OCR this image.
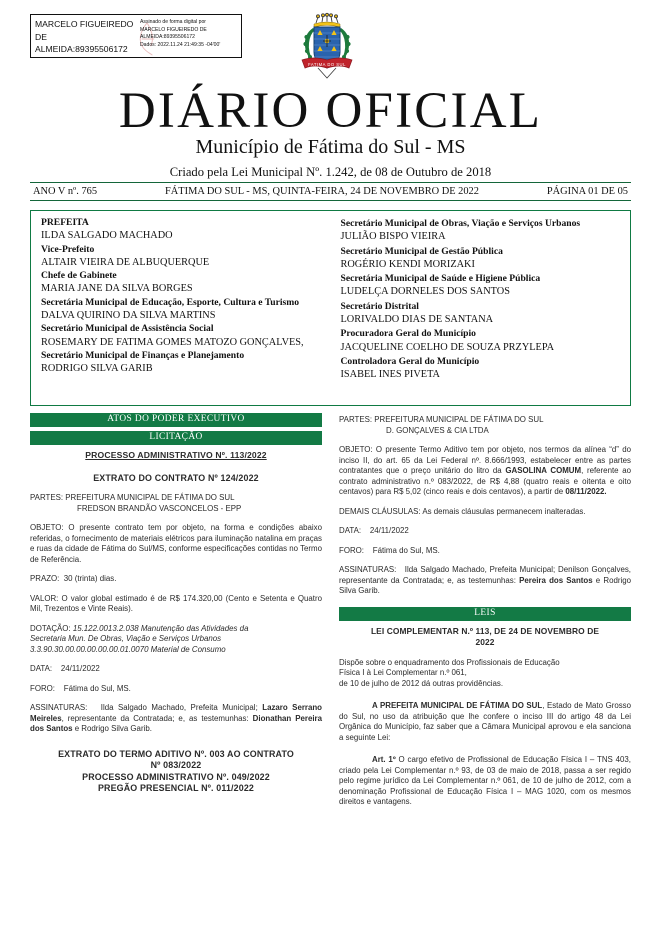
MARCELO FIGUEIREDO
DE
ALMEIDA:89395506172
Assinado de forma digital por
MARCELO FIGUEIREDO DE
ALMEIDA:89395506172
Dados: 2022.11.24 21:49:35 -04'00'
FATIMA DO SUL
DIÁRIO OFICIAL
Município de Fátima do Sul - MS
Criado pela Lei Municipal Nº. 1.242, de 08 de Outubro de 2018
ANO V nº. 765	FÁTIMA DO SUL - MS, QUINTA-FEIRA, 24 DE NOVEMBRO DE 2022	PÁGINA 01 DE 05
PREFEITA
ILDA SALGADO MACHADO
Vice-Prefeito
ALTAIR VIEIRA DE ALBUQUERQUE
Chefe de Gabinete
MARIA JANE DA SILVA BORGES
Secretária Municipal de Educação, Esporte, Cultura e Turismo
DALVA QUIRINO DA SILVA MARTINS
Secretário Municipal de Assistência Social
ROSEMARY DE FATIMA GOMES MATOZO GONÇALVES,
Secretário Municipal de Finanças e Planejamento
RODRIGO SILVA GARIB
Secretário Municipal de Obras, Viação e Serviços Urbanos
JULIÃO BISPO VIEIRA
Secretário Municipal de Gestão Pública
ROGÉRIO KENDI MORIZAKI
Secretária Municipal de Saúde e Higiene Pública
LUDELÇA DORNELES DOS SANTOS
Secretário Distrital
LORIVALDO DIAS DE SANTANA
Procuradora Geral do Município
JACQUELINE COELHO DE SOUZA PRZYLEPA
Controladora Geral do Município
ISABEL INES PIVETA
ATOS DO PODER EXECUTIVO
LICITAÇÃO
PROCESSO ADMINISTRATIVO Nº. 113/2022
EXTRATO DO CONTRATO Nº 124/2022
PARTES: PREFEITURA MUNICIPAL DE FÁTIMA DO SUL
FREDSON BRANDÃO VASCONCELOS - EPP
OBJETO: O presente contrato tem por objeto, na forma e condições abaixo referidas, o fornecimento de materiais elétricos para iluminação natalina em praças e ruas da cidade de Fátima do Sul/MS, conforme especificações contidas no Termo de Referência.
PRAZO: 30 (trinta) dias.
VALOR: O valor global estimado é de R$ 174.320,00 (Cento e Setenta e Quatro Mil, Trezentos e Vinte Reais).
DOTAÇÃO: 15.122.0013.2.038 Manutenção das Atividades da
Secretaria Mun. De Obras, Viação e Serviços Urbanos
3.3.90.30.00.00.00.00.00.01.0070 Material de Consumo
DATA: 24/11/2022
FORO: Fátima do Sul, MS.
ASSINATURAS: Ilda Salgado Machado, Prefeita Municipal; Lazaro Serrano Meireles, representante da Contratada; e, as testemunhas: Dionathan Pereira dos Santos e Rodrigo Silva Garib.
EXTRATO DO TERMO ADITIVO Nº. 003 AO CONTRATO
Nº 083/2022
PROCESSO ADMINISTRATIVO Nº. 049/2022
PREGÃO PRESENCIAL Nº. 011/2022
PARTES: PREFEITURA MUNICIPAL DE FÁTIMA DO SUL
D. GONÇALVES & CIA LTDA
OBJETO: O presente Termo Aditivo tem por objeto, nos termos da alínea “d” do inciso II, do art. 65 da Lei Federal nº. 8.666/1993, estabelecer entre as partes contratantes que o preço unitário do litro da GASOLINA COMUM, referente ao contrato administrativo n.º 083/2022, de R$ 4,88 (quatro reais e oitenta e oito centavos) para R$ 5,02 (cinco reais e dois centavos), a partir de 08/11/2022.
DEMAIS CLÁUSULAS: As demais cláusulas permanecem inalteradas.
DATA: 24/11/2022
FORO: Fátima do Sul, MS.
ASSINATURAS: Ilda Salgado Machado, Prefeita Municipal; Denilson Gonçalves, representante da Contratada; e, as testemunhas: Pereira dos Santos e Rodrigo Silva Garib.
LEIS
LEI COMPLEMENTAR N.º 113, DE 24 DE NOVEMBRO DE
2022
Dispõe sobre o enquadramento dos Profissionais de Educação
Física I à Lei Complementar n.º 061,
de 10 de julho de 2012 dá outras providências.
A PREFEITA MUNICIPAL DE FÁTIMA DO SUL, Estado de Mato Grosso do Sul, no uso da atribuição que lhe confere o inciso III do artigo 48 da Lei Orgânica do Município, faz saber que a Câmara Municipal aprovou e ela sanciona a seguinte Lei:
Art. 1º O cargo efetivo de Profissional de Educação Física I – TNS 403, criado pela Lei Complementar n.º 93, de 03 de maio de 2018, passa a ser regido pelo regime jurídico da Lei Complementar n.º 061, de 10 de julho de 2012, com a denominação Profissional de Educação Física I – MAG 1020, com os mesmos direitos e vantagens.
